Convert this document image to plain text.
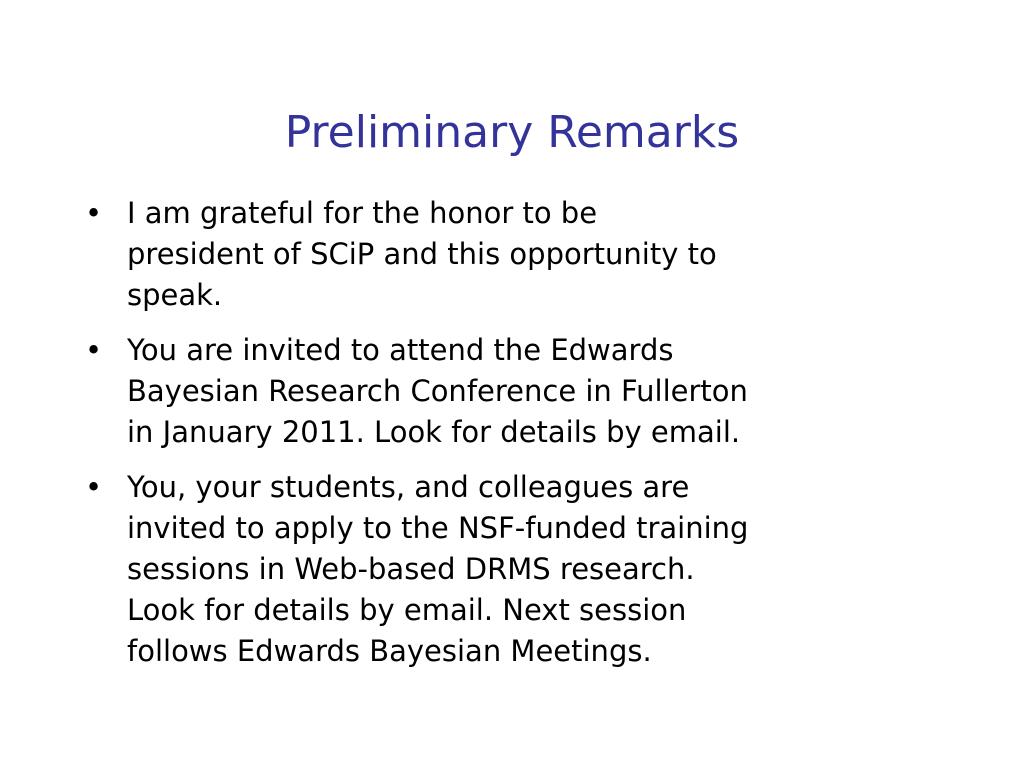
Preliminary Remarks
• I am grateful for the honor to be
president of SCiP and this opportunity to
speak.
• You are invited to attend the Edwards
Bayesian Research Conference in Fullerton
in January 2011. Look for details by email.
• You, your students, and colleagues are
invited to apply to the NSF-funded training
sessions in Web-based DRMS research.
Look for details by email. Next session
follows Edwards Bayesian Meetings.
